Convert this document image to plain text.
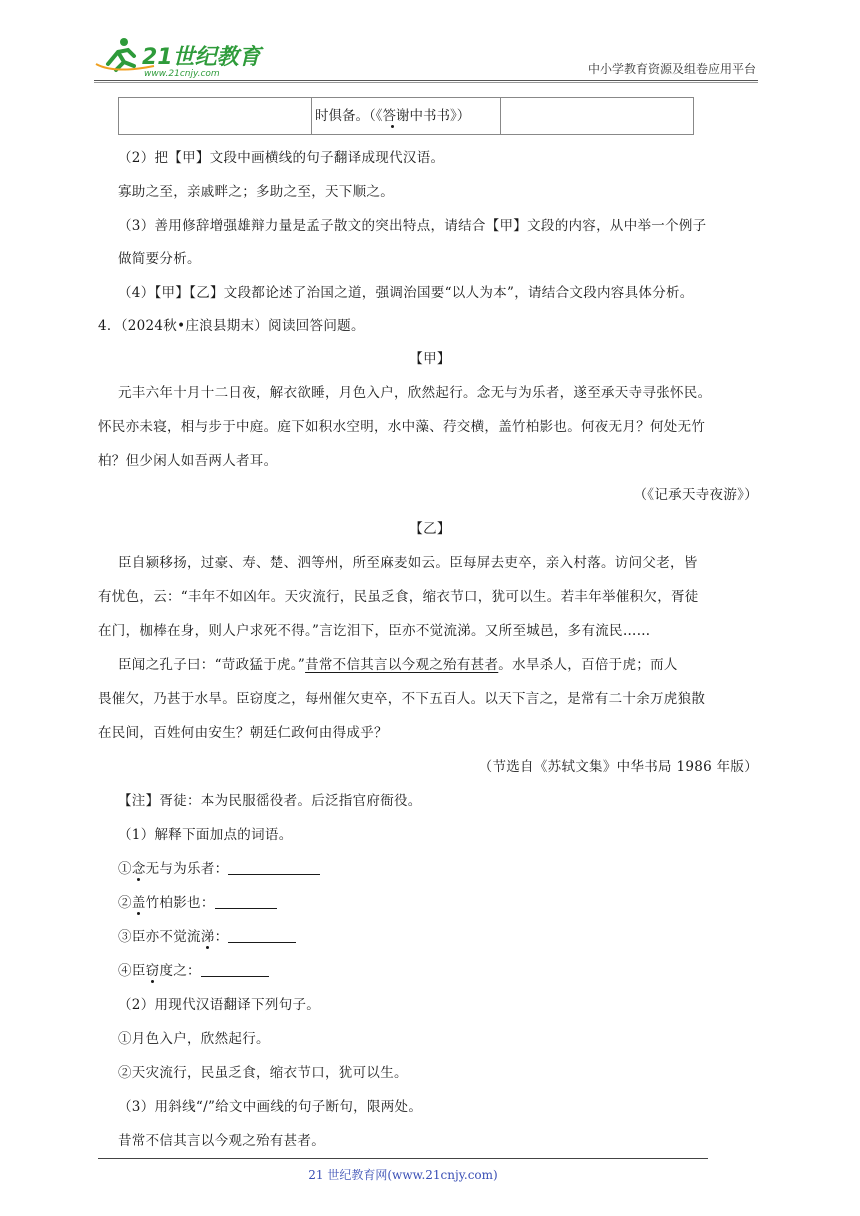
21世纪教育
www.21cnjy.com	中小学教育资源及组卷应用平台
时俱备。（《答谢中书书》）
（2）把【甲】文段中画横线的句子翻译成现代汉语。
寡助之至，亲戚畔之；多助之至，天下顺之。
（3）善用修辞增强雄辩力量是孟子散文的突出特点，请结合【甲】文段的内容，从中举一个例子
做简要分析。
（4）【甲】【乙】文段都论述了治国之道，强调治国要“以人为本”，请结合文段内容具体分析。
4．（2024秋•庄浪县期末）阅读回答问题。
【甲】
元丰六年十月十二日夜，解衣欲睡，月色入户，欣然起行。念无与为乐者，遂至承天寺寻张怀民。
怀民亦未寝，相与步于中庭。庭下如积水空明，水中藻、荇交横，盖竹柏影也。何夜无月？何处无竹
柏？但少闲人如吾两人者耳。
（《记承天寺夜游》）
【乙】
臣自颍移扬，过豪、寿、楚、泗等州，所至麻麦如云。臣每屏去吏卒，亲入村落。访问父老，皆
有忧色，云：“丰年不如凶年。天灾流行，民虽乏食，缩衣节口，犹可以生。若丰年举催积欠，胥徒
在门，枷棒在身，则人户求死不得。”言讫泪下，臣亦不觉流涕。又所至城邑，多有流民……
臣闻之孔子曰：“苛政猛于虎。”昔常不信其言以今观之殆有甚者。水旱杀人，百倍于虎；而人
畏催欠，乃甚于水旱。臣窃度之，每州催欠吏卒，不下五百人。以天下言之，是常有二十余万虎狼散
在民间，百姓何由安生？朝廷仁政何由得成乎？
（节选自《苏轼文集》中华书局 1986 年版）
【注】胥徒：本为民服徭役者。后泛指官府衙役。
（1）解释下面加点的词语。
①念无与为乐者：
②盖竹柏影也：
③臣亦不觉流涕：
④臣窃度之：
（2）用现代汉语翻译下列句子。
①月色入户，欣然起行。
②天灾流行，民虽乏食，缩衣节口，犹可以生。
（3）用斜线“/”给文中画线的句子断句，限两处。
昔常不信其言以今观之殆有甚者。
21 世纪教育网(www.21cnjy.com)
